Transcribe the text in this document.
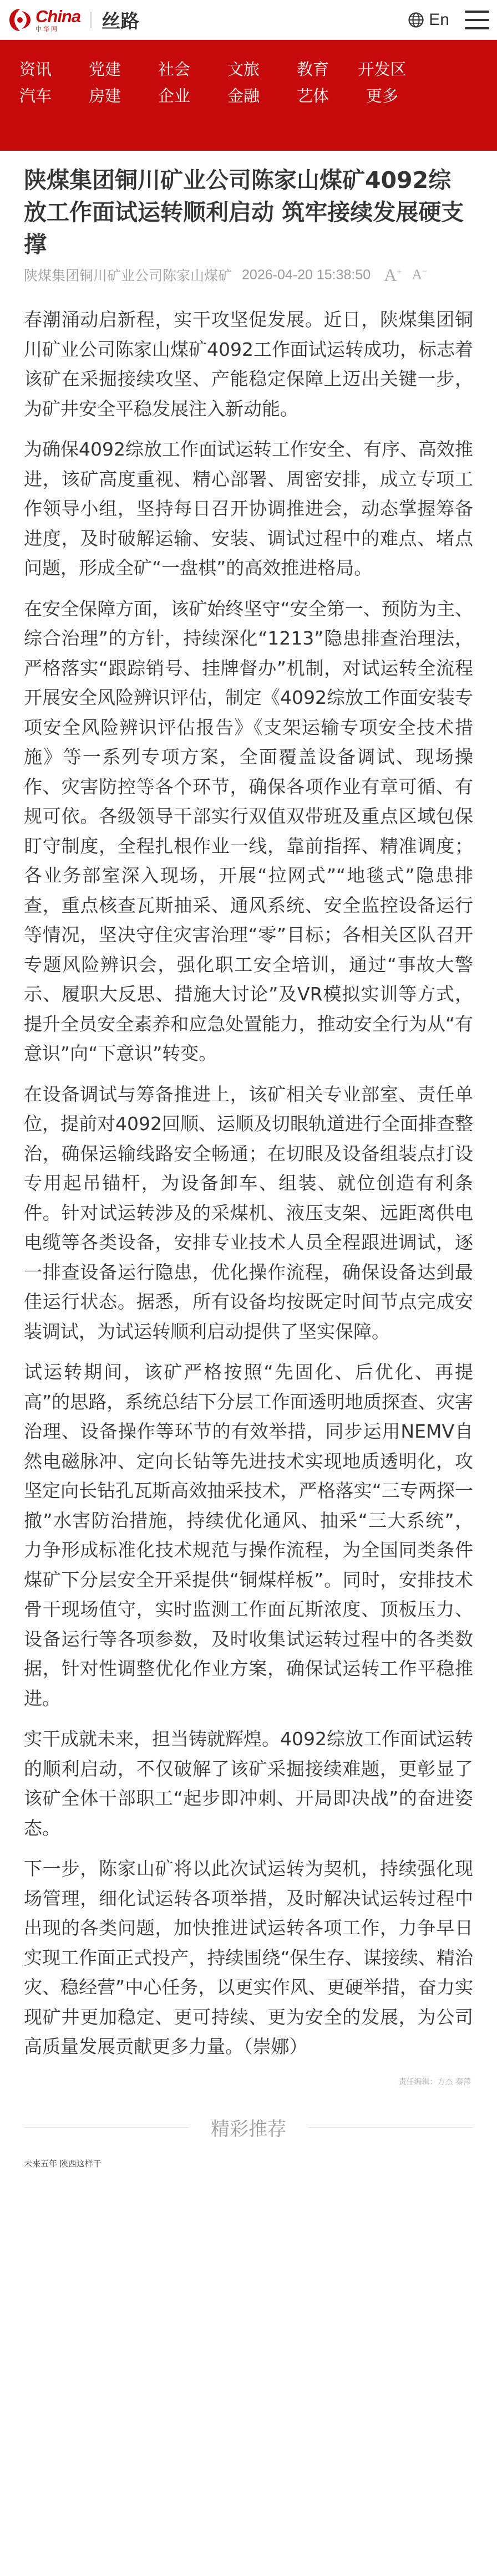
China
中华网	丝路	En
资讯
汽车
党建
房建
社会
企业
文旅
金融
教育
艺体
开发区
更多
陕煤集团铜川矿业公司陈家山煤矿4092综放工作面试运转顺利启动 筑牢接续发展硬支撑
陕煤集团铜川矿业公司陈家山煤矿 2026-04-20 15:38:50 A+ A−

春潮涌动启新程，实干攻坚促发展。近日，陕煤集团铜川矿业公司陈家山煤矿4092工作面试运转成功，标志着该矿在采掘接续攻坚、产能稳定保障上迈出关键一步，为矿井安全平稳发展注入新动能。

为确保4092综放工作面试运转工作安全、有序、高效推进，该矿高度重视、精心部署、周密安排，成立专项工作领导小组，坚持每日召开协调推进会，动态掌握筹备进度，及时破解运输、安装、调试过程中的难点、堵点问题，形成全矿“一盘棋”的高效推进格局。

在安全保障方面，该矿始终坚守“安全第一、预防为主、综合治理”的方针，持续深化“1213”隐患排查治理法，严格落实“跟踪销号、挂牌督办”机制，对试运转全流程开展安全风险辨识评估，制定《4092综放工作面安装专项安全风险辨识评估报告》《支架运输专项安全技术措施》等一系列专项方案，全面覆盖设备调试、现场操作、灾害防控等各个环节，确保各项作业有章可循、有规可依。各级领导干部实行双值双带班及重点区域包保盯守制度，全程扎根作业一线，靠前指挥、精准调度；各业务部室深入现场，开展“拉网式”“地毯式”隐患排查，重点核查瓦斯抽采、通风系统、安全监控设备运行等情况，坚决守住灾害治理“零”目标；各相关区队召开专题风险辨识会，强化职工安全培训，通过“事故大警示、履职大反思、措施大讨论”及VR模拟实训等方式，提升全员安全素养和应急处置能力，推动安全行为从“有意识”向“下意识”转变。

在设备调试与筹备推进上，该矿相关专业部室、责任单位，提前对4092回顺、运顺及切眼轨道进行全面排查整治，确保运输线路安全畅通；在切眼及设备组装点打设专用起吊锚杆，为设备卸车、组装、就位创造有利条件。针对试运转涉及的采煤机、液压支架、远距离供电电缆等各类设备，安排专业技术人员全程跟进调试，逐一排查设备运行隐患，优化操作流程，确保设备达到最佳运行状态。据悉，所有设备均按既定时间节点完成安装调试，为试运转顺利启动提供了坚实保障。

试运转期间，该矿严格按照“先固化、后优化、再提高”的思路，系统总结下分层工作面透明地质探查、灾害治理、设备操作等环节的有效举措，同步运用NEMV自然电磁脉冲、定向长钻等先进技术实现地质透明化，攻坚定向长钻孔瓦斯高效抽采技术，严格落实“三专两探一撤”水害防治措施，持续优化通风、抽采“三大系统”，力争形成标准化技术规范与操作流程，为全国同类条件煤矿下分层安全开采提供“铜煤样板”。同时，安排技术骨干现场值守，实时监测工作面瓦斯浓度、顶板压力、设备运行等各项参数，及时收集试运转过程中的各类数据，针对性调整优化作业方案，确保试运转工作平稳推进。

实干成就未来，担当铸就辉煌。4092综放工作面试运转的顺利启动，不仅破解了该矿采掘接续难题，更彰显了该矿全体干部职工“起步即冲刺、开局即决战”的奋进姿态。

下一步，陈家山矿将以此次试运转为契机，持续强化现场管理，细化试运转各项举措，及时解决试运转过程中出现的各类问题，加快推进试运转各项工作，力争早日实现工作面正式投产，持续围绕“保生存、谋接续、精治灾、稳经营”中心任务，以更实作风、更硬举措，奋力实现矿井更加稳定、更可持续、更为安全的发展，为公司高质量发展贡献更多力量。（崇娜）

责任编辑：方杰 秦萍
精彩推荐
未来五年 陕西这样干
